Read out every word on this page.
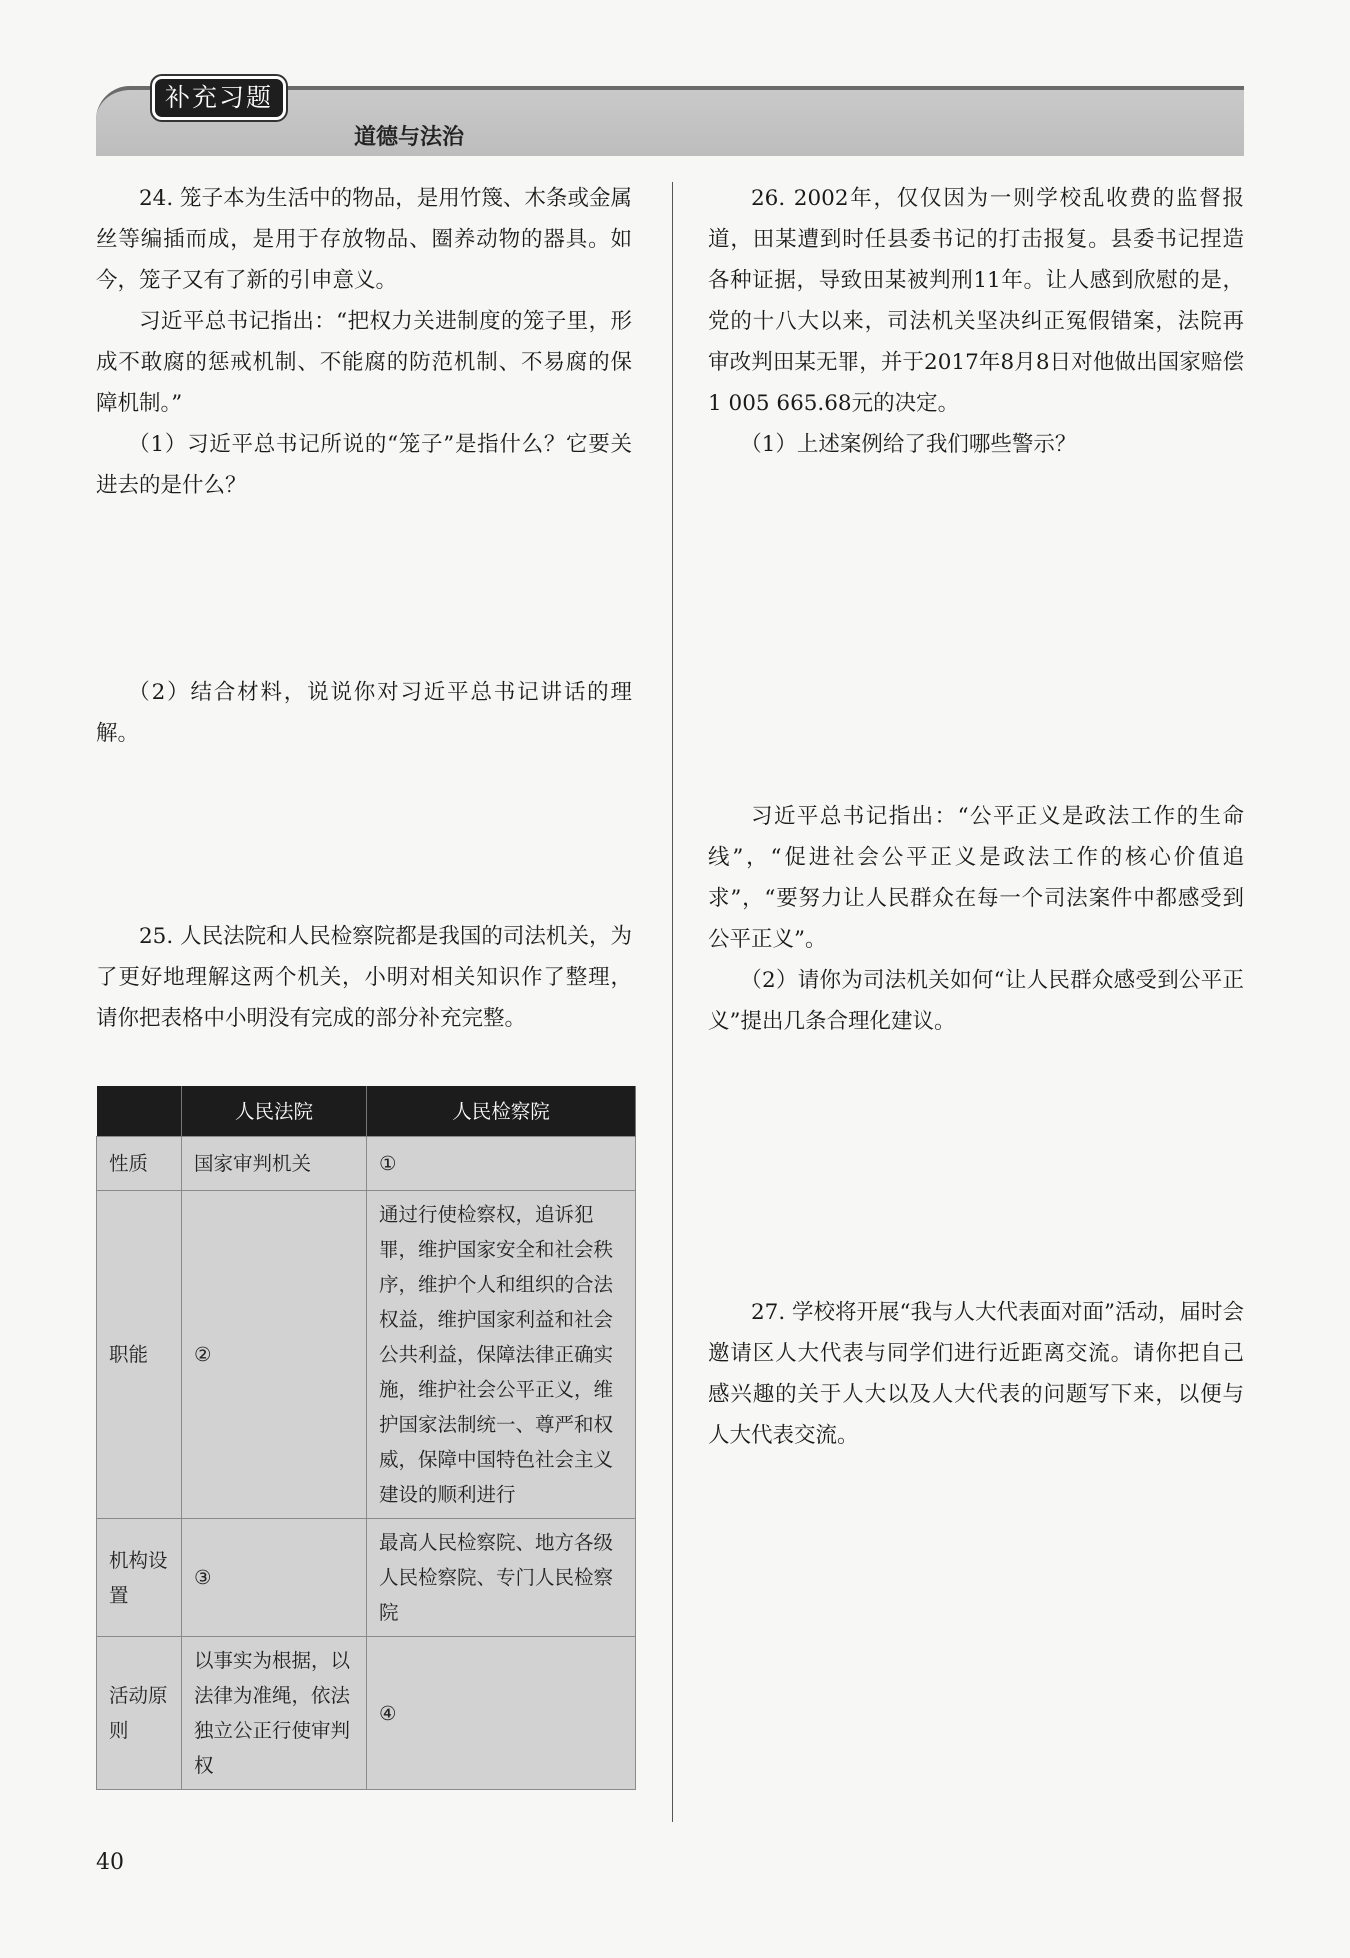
补充习题
道德与法治

24. 笼子本为生活中的物品，是用竹篾、木条或金属丝等编插而成，是用于存放物品、圈养动物的器具。如今，笼子又有了新的引申意义。

习近平总书记指出：“把权力关进制度的笼子里，形成不敢腐的惩戒机制、不能腐的防范机制、不易腐的保障机制。”

（1）习近平总书记所说的“笼子”是指什么？它要关进去的是什么？

（2）结合材料，说说你对习近平总书记讲话的理解。

25. 人民法院和人民检察院都是我国的司法机关，为了更好地理解这两个机关，小明对相关知识作了整理，请你把表格中小明没有完成的部分补充完整。

	人民法院	人民检察院
性质	国家审判机关	①
职能	②	通过行使检察权，追诉犯罪，维护国家安全和社会秩序，维护个人和组织的合法权益，维护国家利益和社会公共利益，保障法律正确实施，维护社会公平正义，维护国家法制统一、尊严和权威，保障中国特色社会主义建设的顺利进行
机构设置	③	最高人民检察院、地方各级人民检察院、专门人民检察院
活动原则	以事实为根据，以法律为准绳，依法独立公正行使审判权	④

26. 2002年，仅仅因为一则学校乱收费的监督报道，田某遭到时任县委书记的打击报复。县委书记捏造各种证据，导致田某被判刑11年。让人感到欣慰的是，党的十八大以来，司法机关坚决纠正冤假错案，法院再审改判田某无罪，并于2017年8月8日对他做出国家赔偿1 005 665.68元的决定。

（1）上述案例给了我们哪些警示？

习近平总书记指出：“公平正义是政法工作的生命线”，“促进社会公平正义是政法工作的核心价值追求”，“要努力让人民群众在每一个司法案件中都感受到公平正义”。

（2）请你为司法机关如何“让人民群众感受到公平正义”提出几条合理化建议。

27. 学校将开展“我与人大代表面对面”活动，届时会邀请区人大代表与同学们进行近距离交流。请你把自己感兴趣的关于人大以及人大代表的问题写下来，以便与人大代表交流。

40
